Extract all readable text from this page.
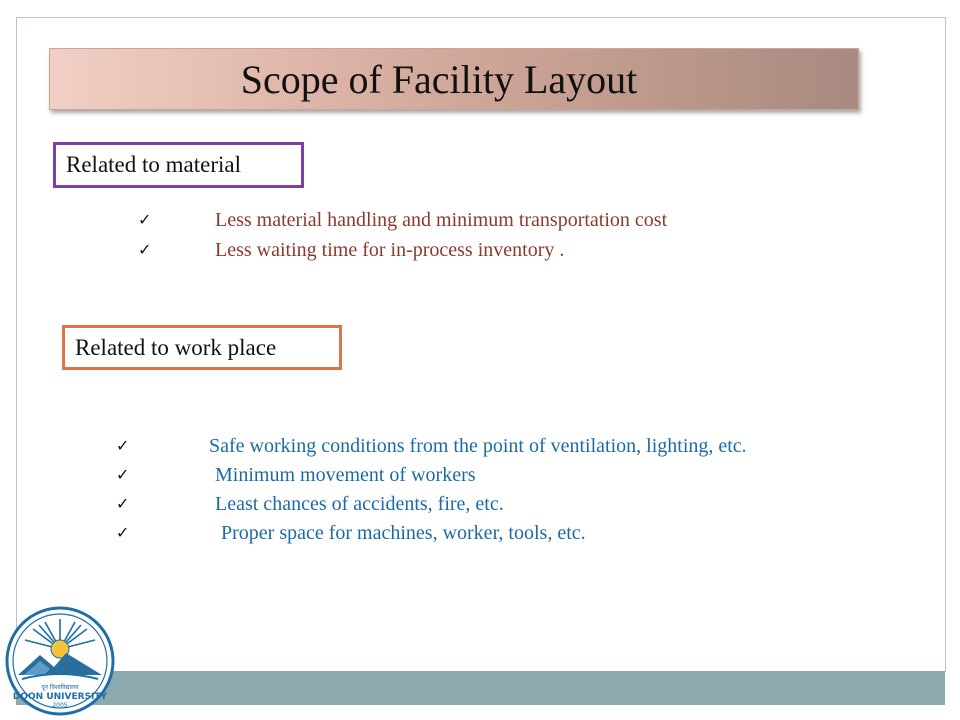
Scope of Facility Layout
Related to material
✓	Less material handling and minimum transportation cost
✓	Less waiting time for in-process inventory .
Related to work place
✓	Safe working conditions from the point of ventilation, lighting, etc.
✓	Minimum movement of workers
✓	Least chances of accidents, fire, etc.
✓	Proper space for machines, worker, tools, etc.
दून विश्वविद्यालय
DOON UNIVERSITY
2005
